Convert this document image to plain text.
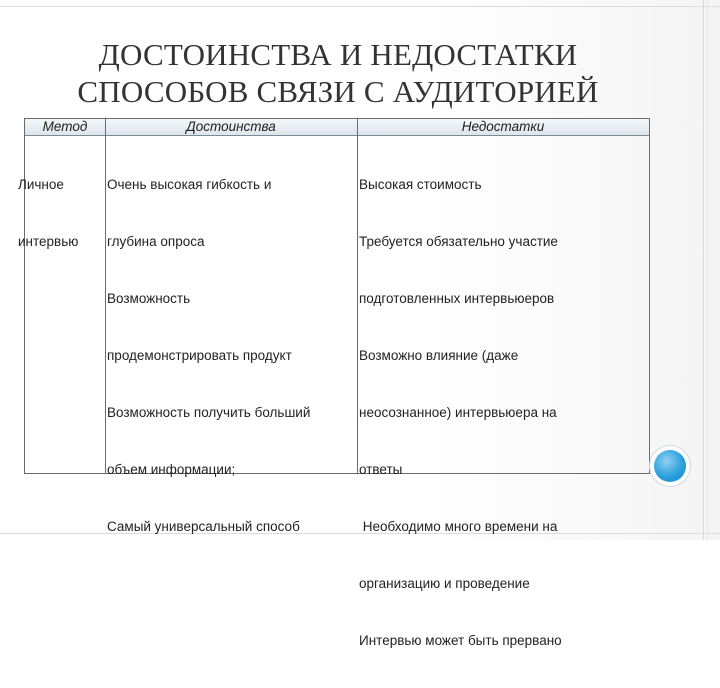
ДОСТОИНСТВА И НЕДОСТАТКИ
СПОСОБОВ СВЯЗИ С АУДИТОРИЕЙ
Метод	Достоинства	Недостатки

Личное

интервью

Очень высокая гибкость и

глубина опроса

Возможность

продемонстрировать продукт

Возможность получить больший

объем информации;

Самый универсальный способ

Высокая стоимость

Требуется обязательно участие

подготовленных интервьюеров

Возможно влияние (даже

неосознанное) интервьюера на

ответы

Необходимо много времени на

организацию и проведение

Интервью может быть прервано
